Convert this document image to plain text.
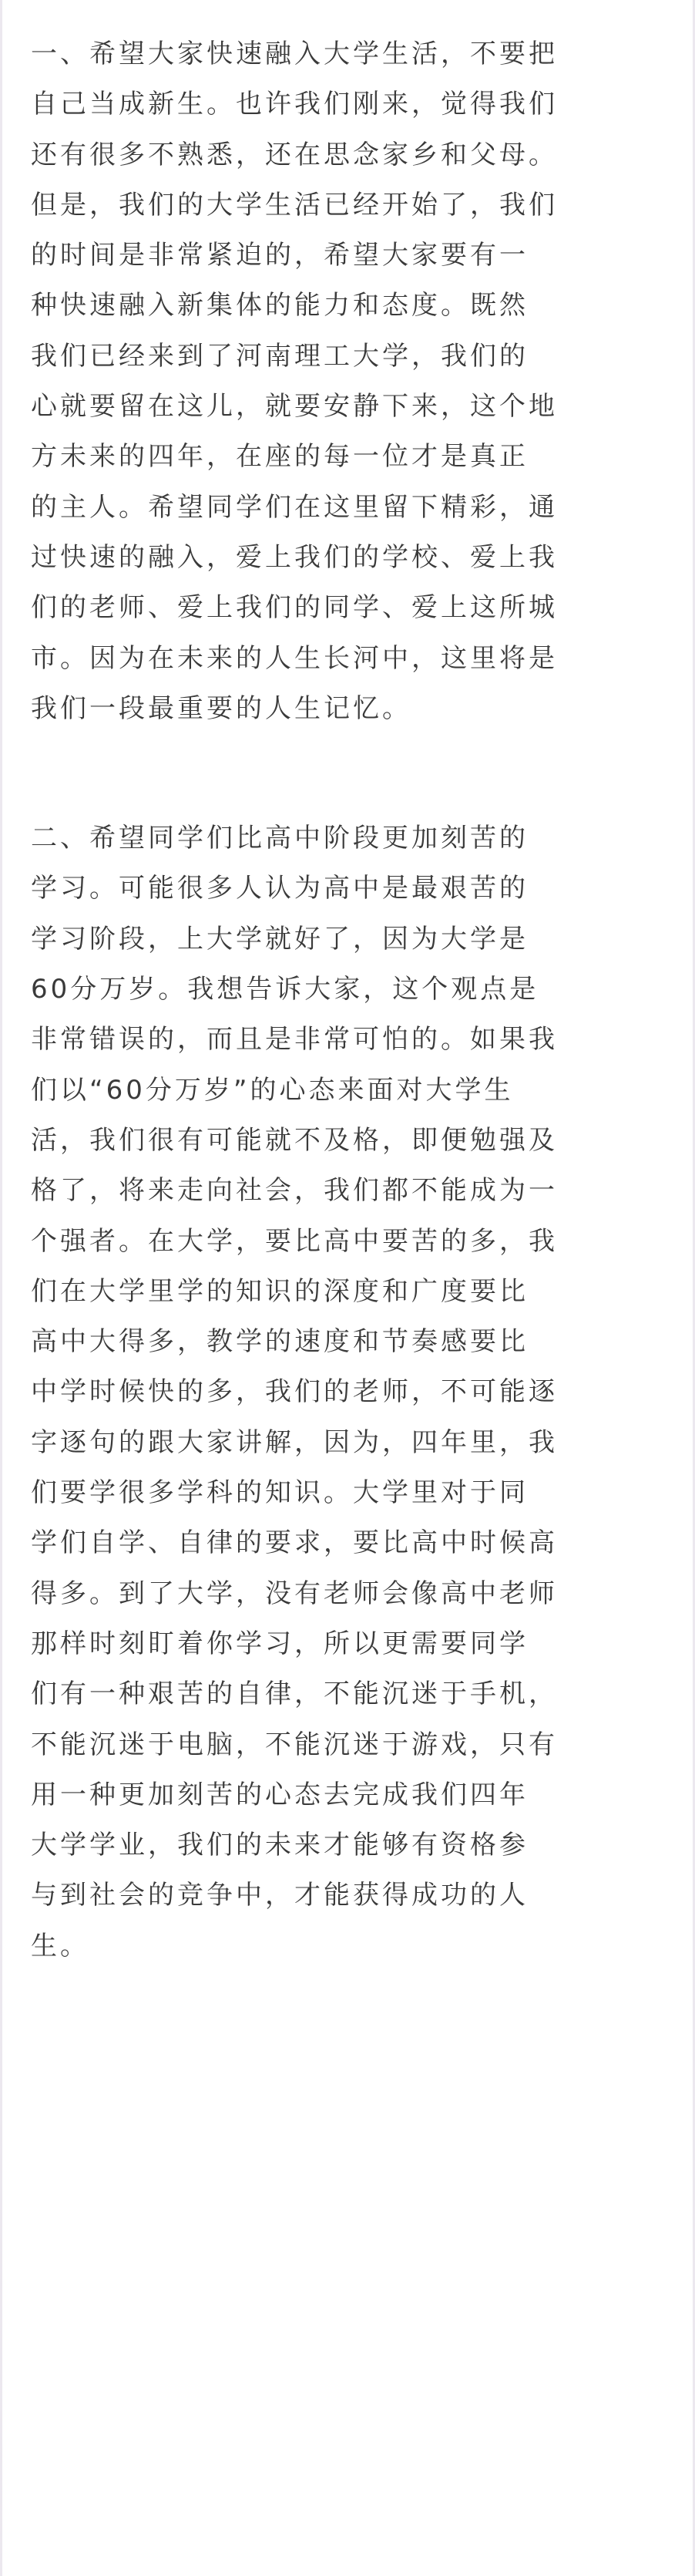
一、希望大家快速融入大学生活，不要把
自己当成新生。也许我们刚来，觉得我们
还有很多不熟悉，还在思念家乡和父母。
但是，我们的大学生活已经开始了，我们
的时间是非常紧迫的，希望大家要有一
种快速融入新集体的能力和态度。既然
我们已经来到了河南理工大学，我们的
心就要留在这儿，就要安静下来，这个地
方未来的四年，在座的每一位才是真正
的主人。希望同学们在这里留下精彩，通
过快速的融入，爱上我们的学校、爱上我
们的老师、爱上我们的同学、爱上这所城
市。因为在未来的人生长河中，这里将是
我们一段最重要的人生记忆。

二、希望同学们比高中阶段更加刻苦的
学习。可能很多人认为高中是最艰苦的
学习阶段，上大学就好了，因为大学是
60分万岁。我想告诉大家，这个观点是
非常错误的，而且是非常可怕的。如果我
们以“60分万岁”的心态来面对大学生
活，我们很有可能就不及格，即便勉强及
格了，将来走向社会，我们都不能成为一
个强者。在大学，要比高中要苦的多，我
们在大学里学的知识的深度和广度要比
高中大得多，教学的速度和节奏感要比
中学时候快的多，我们的老师，不可能逐
字逐句的跟大家讲解，因为，四年里，我
们要学很多学科的知识。大学里对于同
学们自学、自律的要求，要比高中时候高
得多。到了大学，没有老师会像高中老师
那样时刻盯着你学习，所以更需要同学
们有一种艰苦的自律，不能沉迷于手机，
不能沉迷于电脑，不能沉迷于游戏，只有
用一种更加刻苦的心态去完成我们四年
大学学业，我们的未来才能够有资格参
与到社会的竞争中，才能获得成功的人
生。
